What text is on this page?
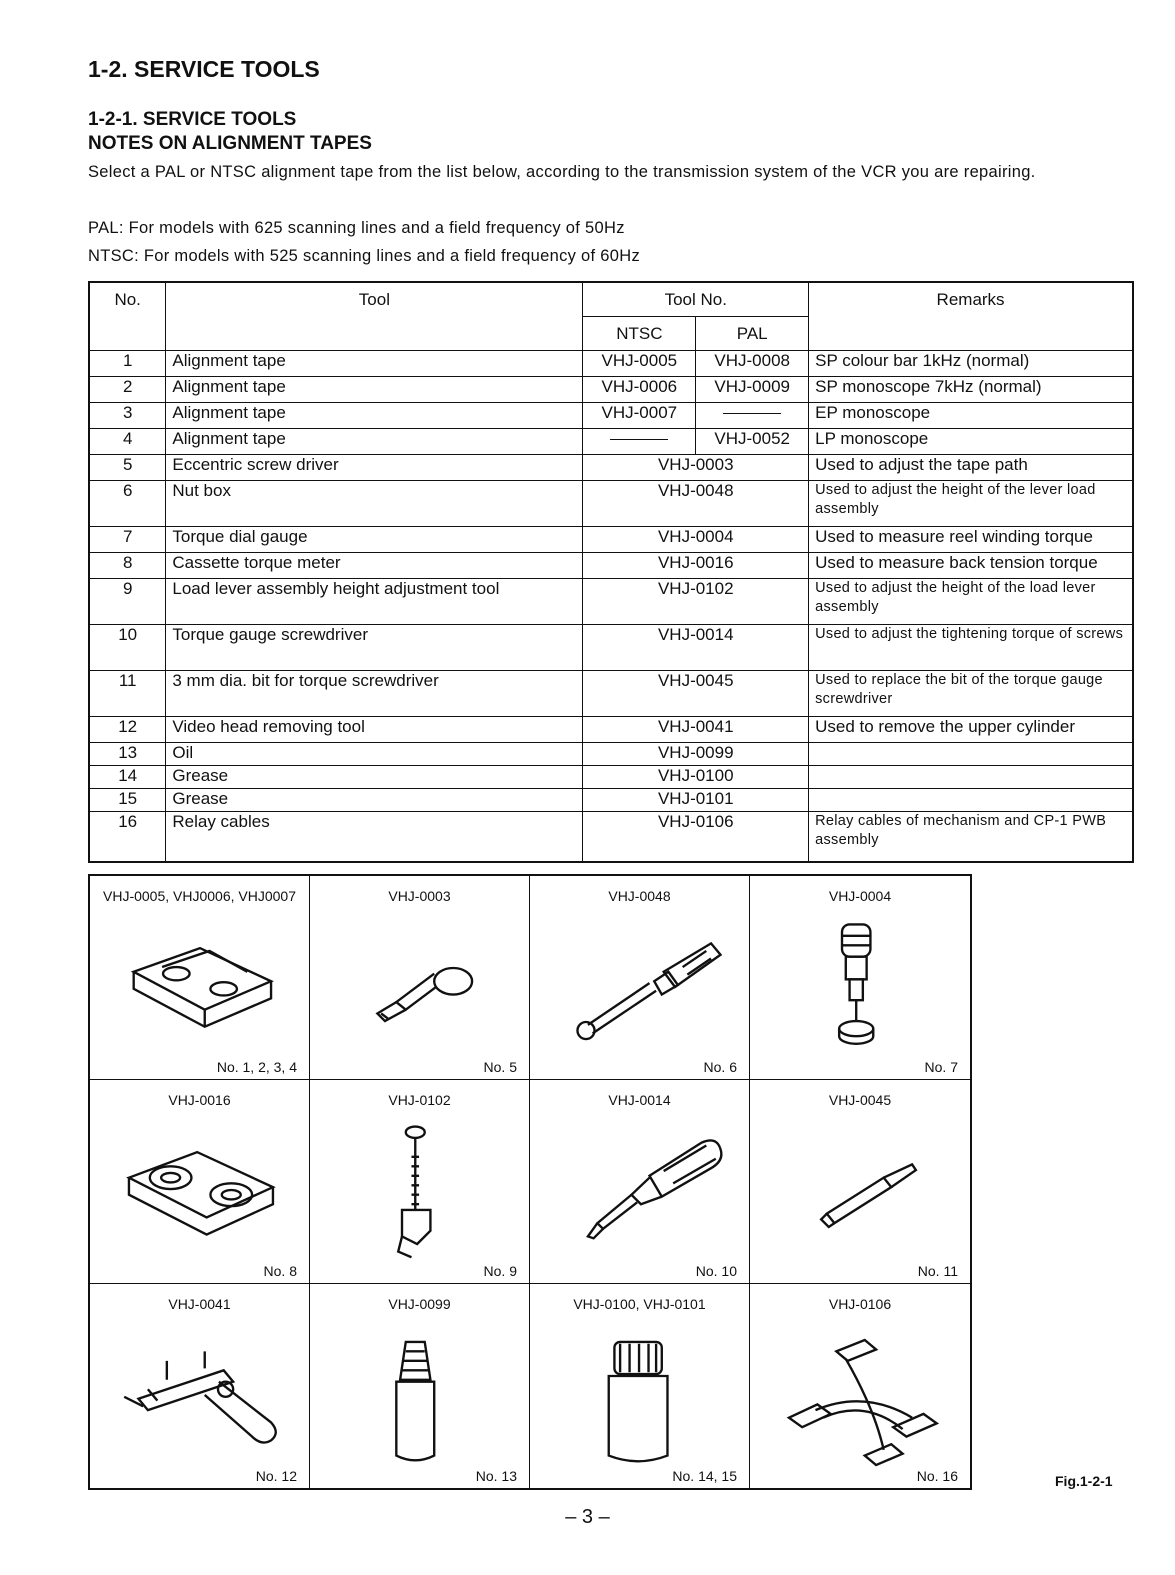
1-2. SERVICE TOOLS
1-2-1. SERVICE TOOLS
NOTES ON ALIGNMENT TAPES
Select a PAL or NTSC alignment tape from the list below, according to the transmission system of the VCR you are repairing.
PAL: For models with 625 scanning lines and a field frequency of 50Hz
NTSC: For models with 525 scanning lines and a field frequency of 60Hz
No.	Tool	Tool No.		Remarks
		NTSC	PAL	
1	Alignment tape	VHJ-0005	VHJ-0008	SP colour bar 1kHz (normal)
2	Alignment tape	VHJ-0006	VHJ-0009	SP monoscope 7kHz (normal)
3	Alignment tape	VHJ-0007		EP monoscope
4	Alignment tape		VHJ-0052	LP monoscope
5	Eccentric screw driver	VHJ-0003		Used to adjust the tape path
6	Nut box	VHJ-0048		Used to adjust the height of the lever load assembly
7	Torque dial gauge	VHJ-0004		Used to measure reel winding torque
8	Cassette torque meter	VHJ-0016		Used to measure back tension torque
9	Load lever assembly height adjustment tool	VHJ-0102		Used to adjust the height of the load lever assembly
10	Torque gauge screwdriver	VHJ-0014		Used to adjust the tightening torque of screws
11	3 mm dia. bit for torque screwdriver	VHJ-0045		Used to replace the bit of the torque gauge screwdriver
12	Video head removing tool	VHJ-0041		Used to remove the upper cylinder
13	Oil	VHJ-0099		
14	Grease	VHJ-0100		
15	Grease	VHJ-0101		
16	Relay cables	VHJ-0106		Relay cables of mechanism and CP-1 PWB assembly
VHJ-0005, VHJ0006, VHJ0007
No. 1, 2, 3, 4
VHJ-0003
No. 5
VHJ-0048
No. 6
VHJ-0004
No. 7
VHJ-0016
No. 8
VHJ-0102
No. 9
VHJ-0014
No. 10
VHJ-0045
No. 11
VHJ-0041
No. 12
VHJ-0099
No. 13
VHJ-0100, VHJ-0101
No. 14, 15
VHJ-0106
No. 16	Fig.1-2-1
– 3 –
